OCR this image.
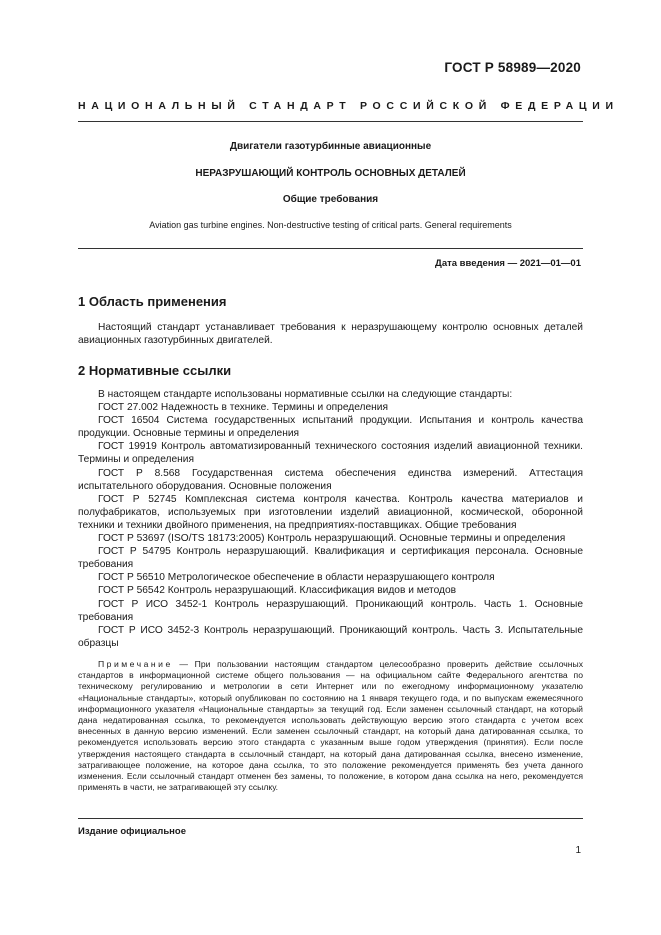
ГОСТ Р 58989—2020
НАЦИОНАЛЬНЫЙ СТАНДАРТ РОССИЙСКОЙ ФЕДЕРАЦИИ
Двигатели газотурбинные авиационные
НЕРАЗРУШАЮЩИЙ КОНТРОЛЬ ОСНОВНЫХ ДЕТАЛЕЙ
Общие требования
Aviation gas turbine engines. Non-destructive testing of critical parts. General requirements
Дата введения — 2021—01—01
1 Область применения

Настоящий стандарт устанавливает требования к неразрушающему контролю основных деталей авиационных газотурбинных двигателей.

2 Нормативные ссылки

В настоящем стандарте использованы нормативные ссылки на следующие стандарты:

ГОСТ 27.002 Надежность в технике. Термины и определения

ГОСТ 16504 Система государственных испытаний продукции. Испытания и контроль качества продукции. Основные термины и определения

ГОСТ 19919 Контроль автоматизированный технического состояния изделий авиационной техники. Термины и определения

ГОСТ Р 8.568 Государственная система обеспечения единства измерений. Аттестация испытательного оборудования. Основные положения

ГОСТ Р 52745 Комплексная система контроля качества. Контроль качества материалов и полуфабрикатов, используемых при изготовлении изделий авиационной, космической, оборонной техники и техники двойного применения, на предприятиях-поставщиках. Общие требования

ГОСТ Р 53697 (ISO/TS 18173:2005) Контроль неразрушающий. Основные термины и определения

ГОСТ Р 54795 Контроль неразрушающий. Квалификация и сертификация персонала. Основные требования

ГОСТ Р 56510 Метрологическое обеспечение в области неразрушающего контроля

ГОСТ Р 56542 Контроль неразрушающий. Классификация видов и методов

ГОСТ Р ИСО 3452-1 Контроль неразрушающий. Проникающий контроль. Часть 1. Основные требования

ГОСТ Р ИСО 3452-3 Контроль неразрушающий. Проникающий контроль. Часть 3. Испытательные образцы

Примечание — При пользовании настоящим стандартом целесообразно проверить действие ссылочных стандартов в информационной системе общего пользования — на официальном сайте Федерального агентства по техническому регулированию и метрологии в сети Интернет или по ежегодному информационному указателю «Национальные стандарты», который опубликован по состоянию на 1 января текущего года, и по выпускам ежемесячного информационного указателя «Национальные стандарты» за текущий год. Если заменен ссылочный стандарт, на который дана недатированная ссылка, то рекомендуется использовать действующую версию этого стандарта с учетом всех внесенных в данную версию изменений. Если заменен ссылочный стандарт, на который дана датированная ссылка, то рекомендуется использовать версию этого стандарта с указанным выше годом утверждения (принятия). Если после утверждения настоящего стандарта в ссылочный стандарт, на который дана датированная ссылка, внесено изменение, затрагивающее положение, на которое дана ссылка, то это положение рекомендуется применять без учета данного изменения. Если ссылочный стандарт отменен без замены, то положение, в котором дана ссылка на него, рекомендуется применять в части, не затрагивающей эту ссылку.
Издание официальное
1
